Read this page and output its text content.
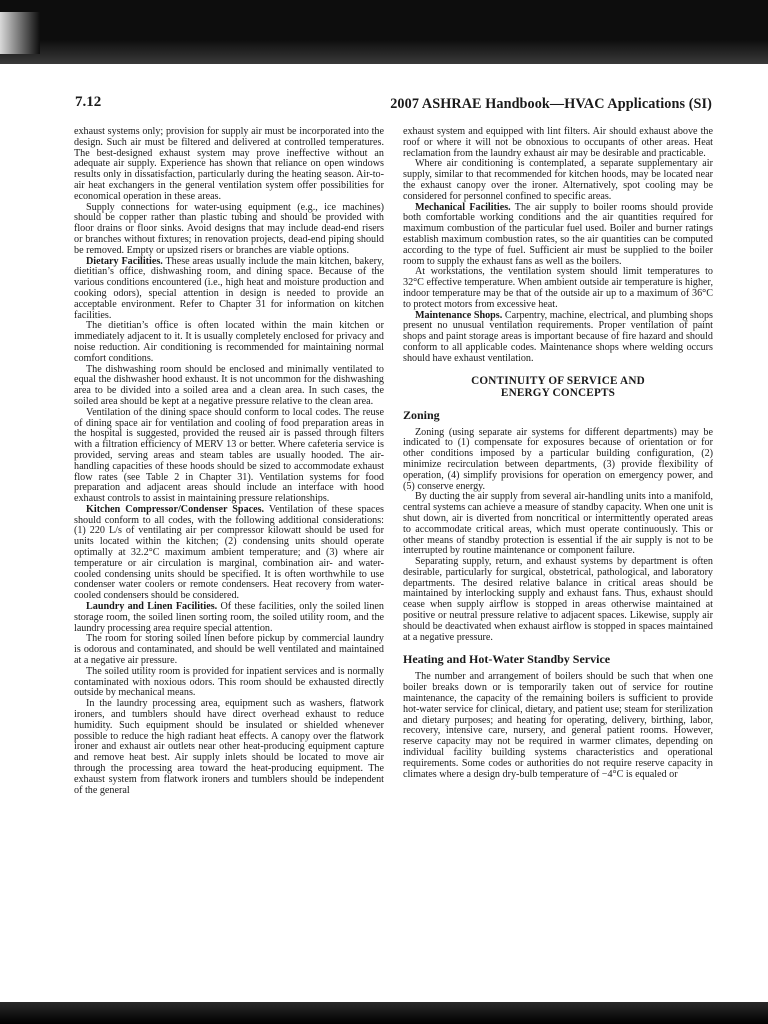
7.12	2007 ASHRAE Handbook—HVAC Applications (SI)

exhaust systems only; provision for supply air must be incorporated into the design. Such air must be filtered and delivered at controlled temperatures. The best-designed exhaust system may prove ineffective without an adequate air supply. Experience has shown that reliance on open windows results only in dissatisfaction, particularly during the heating season. Air-to-air heat exchangers in the general ventilation system offer possibilities for economical operation in these areas.

Supply connections for water-using equipment (e.g., ice machines) should be copper rather than plastic tubing and should be provided with floor drains or floor sinks. Avoid designs that may include dead-end risers or branches without fixtures; in renovation projects, dead-end piping should be removed. Empty or upsized risers or branches are viable options.

Dietary Facilities. These areas usually include the main kitchen, bakery, dietitian’s office, dishwashing room, and dining space. Because of the various conditions encountered (i.e., high heat and moisture production and cooking odors), special attention in design is needed to provide an acceptable environment. Refer to Chapter 31 for information on kitchen facilities.

The dietitian’s office is often located within the main kitchen or immediately adjacent to it. It is usually completely enclosed for privacy and noise reduction. Air conditioning is recommended for maintaining normal comfort conditions.

The dishwashing room should be enclosed and minimally ventilated to equal the dishwasher hood exhaust. It is not uncommon for the dishwashing area to be divided into a soiled area and a clean area. In such cases, the soiled area should be kept at a negative pressure relative to the clean area.

Ventilation of the dining space should conform to local codes. The reuse of dining space air for ventilation and cooling of food preparation areas in the hospital is suggested, provided the reused air is passed through filters with a filtration efficiency of MERV 13 or better. Where cafeteria service is provided, serving areas and steam tables are usually hooded. The air-handling capacities of these hoods should be sized to accommodate exhaust flow rates (see Table 2 in Chapter 31). Ventilation systems for food preparation and adjacent areas should include an interface with hood exhaust controls to assist in maintaining pressure relationships.

Kitchen Compressor/Condenser Spaces. Ventilation of these spaces should conform to all codes, with the following additional considerations: (1) 220 L/s of ventilating air per compressor kilowatt should be used for units located within the kitchen; (2) condensing units should operate optimally at 32.2°C maximum ambient temperature; and (3) where air temperature or air circulation is marginal, combination air- and water-cooled condensing units should be specified. It is often worthwhile to use condenser water coolers or remote condensers. Heat recovery from water-cooled condensers should be considered.

Laundry and Linen Facilities. Of these facilities, only the soiled linen storage room, the soiled linen sorting room, the soiled utility room, and the laundry processing area require special attention.

The room for storing soiled linen before pickup by commercial laundry is odorous and contaminated, and should be well ventilated and maintained at a negative air pressure.

The soiled utility room is provided for inpatient services and is normally contaminated with noxious odors. This room should be exhausted directly outside by mechanical means.

In the laundry processing area, equipment such as washers, flatwork ironers, and tumblers should have direct overhead exhaust to reduce humidity. Such equipment should be insulated or shielded whenever possible to reduce the high radiant heat effects. A canopy over the flatwork ironer and exhaust air outlets near other heat-producing equipment capture and remove heat best. Air supply inlets should be located to move air through the processing area toward the heat-producing equipment. The exhaust system from flatwork ironers and tumblers should be independent of the general

exhaust system and equipped with lint filters. Air should exhaust above the roof or where it will not be obnoxious to occupants of other areas. Heat reclamation from the laundry exhaust air may be desirable and practicable.

Where air conditioning is contemplated, a separate supplementary air supply, similar to that recommended for kitchen hoods, may be located near the exhaust canopy over the ironer. Alternatively, spot cooling may be considered for personnel confined to specific areas.

Mechanical Facilities. The air supply to boiler rooms should provide both comfortable working conditions and the air quantities required for maximum combustion of the particular fuel used. Boiler and burner ratings establish maximum combustion rates, so the air quantities can be computed according to the type of fuel. Sufficient air must be supplied to the boiler room to supply the exhaust fans as well as the boilers.

At workstations, the ventilation system should limit temperatures to 32°C effective temperature. When ambient outside air temperature is higher, indoor temperature may be that of the outside air up to a maximum of 36°C to protect motors from excessive heat.

Maintenance Shops. Carpentry, machine, electrical, and plumbing shops present no unusual ventilation requirements. Proper ventilation of paint shops and paint storage areas is important because of fire hazard and should conform to all applicable codes. Maintenance shops where welding occurs should have exhaust ventilation.

CONTINUITY OF SERVICE AND
ENERGY CONCEPTS
Zoning

Zoning (using separate air systems for different departments) may be indicated to (1) compensate for exposures because of orientation or for other conditions imposed by a particular building configuration, (2) minimize recirculation between departments, (3) provide flexibility of operation, (4) simplify provisions for operation on emergency power, and (5) conserve energy.

By ducting the air supply from several air-handling units into a manifold, central systems can achieve a measure of standby capacity. When one unit is shut down, air is diverted from noncritical or intermittently operated areas to accommodate critical areas, which must operate continuously. This or other means of standby protection is essential if the air supply is not to be interrupted by routine maintenance or component failure.

Separating supply, return, and exhaust systems by department is often desirable, particularly for surgical, obstetrical, pathological, and laboratory departments. The desired relative balance in critical areas should be maintained by interlocking supply and exhaust fans. Thus, exhaust should cease when supply airflow is stopped in areas otherwise maintained at positive or neutral pressure relative to adjacent spaces. Likewise, supply air should be deactivated when exhaust airflow is stopped in spaces maintained at a negative pressure.

Heating and Hot-Water Standby Service

The number and arrangement of boilers should be such that when one boiler breaks down or is temporarily taken out of service for routine maintenance, the capacity of the remaining boilers is sufficient to provide hot-water service for clinical, dietary, and patient use; steam for sterilization and dietary purposes; and heating for operating, delivery, birthing, labor, recovery, intensive care, nursery, and general patient rooms. However, reserve capacity may not be required in warmer climates, depending on individual facility building systems characteristics and operational requirements. Some codes or authorities do not require reserve capacity in climates where a design dry-bulb temperature of −4°C is equaled or
